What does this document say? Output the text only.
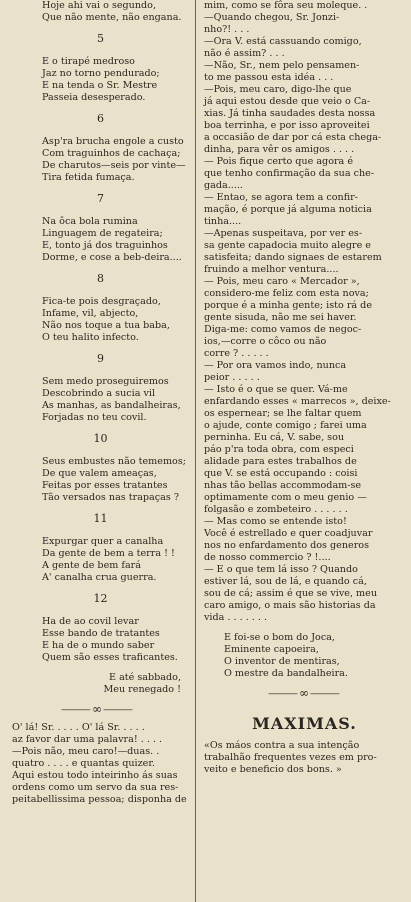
Hoje ahi vai o segundo,
Que não mente, não engana.
5
E o tirapé medroso
Jaz no torno pendurado;
E na tenda o Sr. Mestre
Passeia desesperado.
6
Asp'ra brucha engole a custo
Com traguinhos de cachaça;
De charutos—seis por vinte—
Tira fetida fumaça.
7
Na ôca bola rumina
Linguagem de regateira;
E, tonto já dos traguinhos
Dorme, e cose a beb-deira....
8
Fica-te pois desgraçado,
Infame, vil, abjecto,
Não nos toque a tua baba,
O teu halito infecto.
9
Sem medo proseguiremos
Descobrindo a sucia vil
As manhas, as bandalheiras,
Forjadas no teu covil.
10
Seus embustes não tememos;
De que valem ameaças,
Feitas por esses tratantes
Tão versados nas trapaças ?
11
Expurgar quer a canalha
Da gente de bem a terra ! !
A gente de bem fará
A' canalha crua guerra.
12
Ha de ao covil levar
Esse bando de tratantes
E ha de o mundo saber
Quem são esses traficantes.
E até sabbado,
Meu renegado !
⸻∞⸻
O' lá! Sr. . . . . O' lá Sr. . . . .
az favor dar uma palavra! . . . .
—Pois não, meu caro!—duas. .
quatro . . . . e quantas quizer.
Aqui estou todo inteirinho ás suas
ordens como um servo da sua res-
peitabellissima pessoa; disponha de
mim, como se fôra seu moleque. .
—Quando chegou, Sr. Jonzi-
nho?! . . .
—Ora V. está cassuando comigo,
não é assim? . . .
—Não, Sr., nem pelo pensamen-
to me passou esta idéa . . .
—Pois, meu caro, digo-lhe que
já aqui estou desde que veio o Ca-
xias. Já tinha saudades desta nossa
boa terrinha, e por isso aproveitei
a occasião de dar por cá esta chega-
dinha, para vêr os amigos . . . .
— Pois fique certo que agora é
que tenho confirmação da sua che-
gada.....
— Entao, se agora tem a confir-
mação, é porque já alguma noticia
tinha....
—Apenas suspeitava, por ver es-
sa gente capadocia muito alegre e
satisfeita; dando signaes de estarem
fruindo a melhor ventura....
— Pois, meu caro « Mercador »,
considero-me feliz com esta nova;
porque é a minha gente; isto rá de
gente sisuda, não me sei haver.
Diga-me: como vamos de negoc-
ios,—corre o côco ou não
corre ? . . . . .
— Por ora vamos indo, nunca
peior . . . . .
— Isto é o que se quer. Vá-me
enfardando esses « marrecos », deixe-
os espernear; se lhe faltar quem
o ajude, conte comigo ; farei uma
perninha. Eu cá, V. sabe, sou
páo p'ra toda obra, com especi
alidade para estes trabalhos de
que V. se está occupando : coisi
nhas tão bellas accommodam-se
optimamente com o meu genio —
folgasão e zombeteiro . . . . . .
— Mas como se entende isto!
Você é estrellado e quer coadjuvar
nos no enfardamento dos generos
de nosso commercio ? !....
— E o que tem lá isso ? Quando
estiver lá, sou de lá, e quando cá,
sou de cá; assim é que se vive, meu
caro amigo, o mais são historias da
vida . . . . . . .
E foi-se o bom do Joca,
Eminente capoeira,
O inventor de mentiras,
O mestre da bandalheira.
⸻∞⸻
MAXIMAS.
«Os máos contra a sua intenção
trabalhão frequentes vezes em pro-
veito e beneficio dos bons. »
